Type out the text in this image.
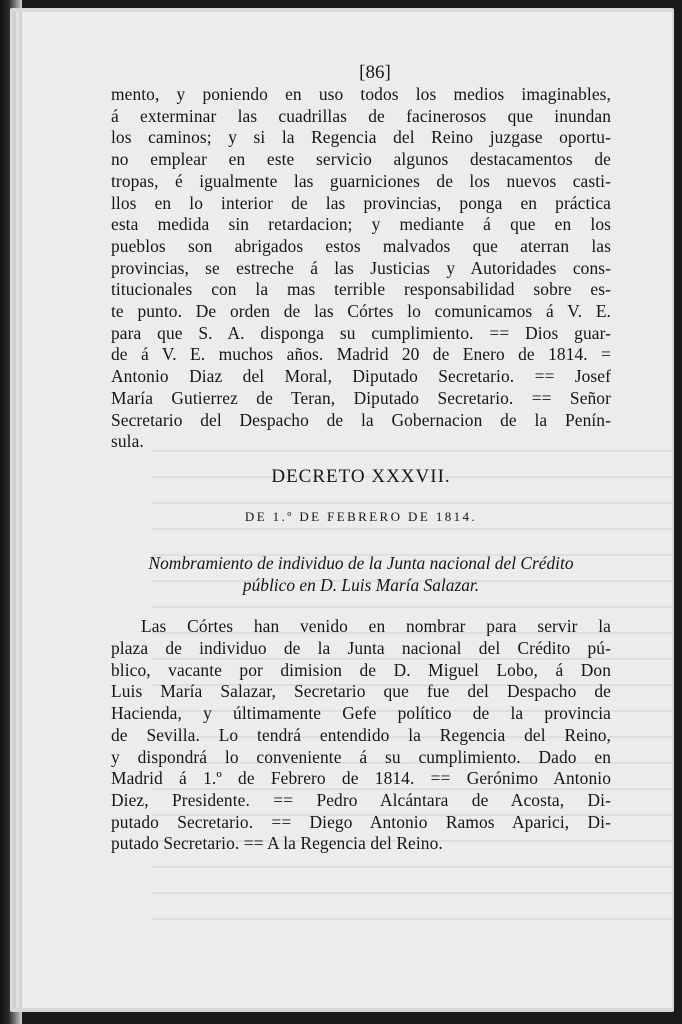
[86]
mento, y poniendo en uso todos los medios imaginables,
á exterminar las cuadrillas de facinerosos que inundan
los caminos; y si la Regencia del Reino juzgase oportu-
no emplear en este servicio algunos destacamentos de
tropas, é igualmente las guarniciones de los nuevos casti-
llos en lo interior de las provincias, ponga en práctica
esta medida sin retardacion; y mediante á que en los
pueblos son abrigados estos malvados que aterran las
provincias, se estreche á las Justicias y Autoridades cons-
titucionales con la mas terrible responsabilidad sobre es-
te punto. De orden de las Córtes lo comunicamos á V. E.
para que S. A. disponga su cumplimiento. == Dios guar-
de á V. E. muchos años. Madrid 20 de Enero de 1814. =
Antonio Diaz del Moral, Diputado Secretario. == Josef
María Gutierrez de Teran, Diputado Secretario. == Señor
Secretario del Despacho de la Gobernacion de la Penín-
sula.
DECRETO XXXVII.
DE 1.º DE FEBRERO DE 1814.
Nombramiento de individuo de la Junta nacional del Crédito
público en D. Luis María Salazar.
Las Córtes han venido en nombrar para servir la
plaza de individuo de la Junta nacional del Crédito pú-
blico, vacante por dimision de D. Miguel Lobo, á Don
Luis María Salazar, Secretario que fue del Despacho de
Hacienda, y últimamente Gefe político de la provincia
de Sevilla. Lo tendrá entendido la Regencia del Reino,
y dispondrá lo conveniente á su cumplimiento. Dado en
Madrid á 1.º de Febrero de 1814. == Gerónimo Antonio
Diez, Presidente. == Pedro Alcántara de Acosta, Di-
putado Secretario. == Diego Antonio Ramos Aparici, Di-
putado Secretario. == A la Regencia del Reino.
